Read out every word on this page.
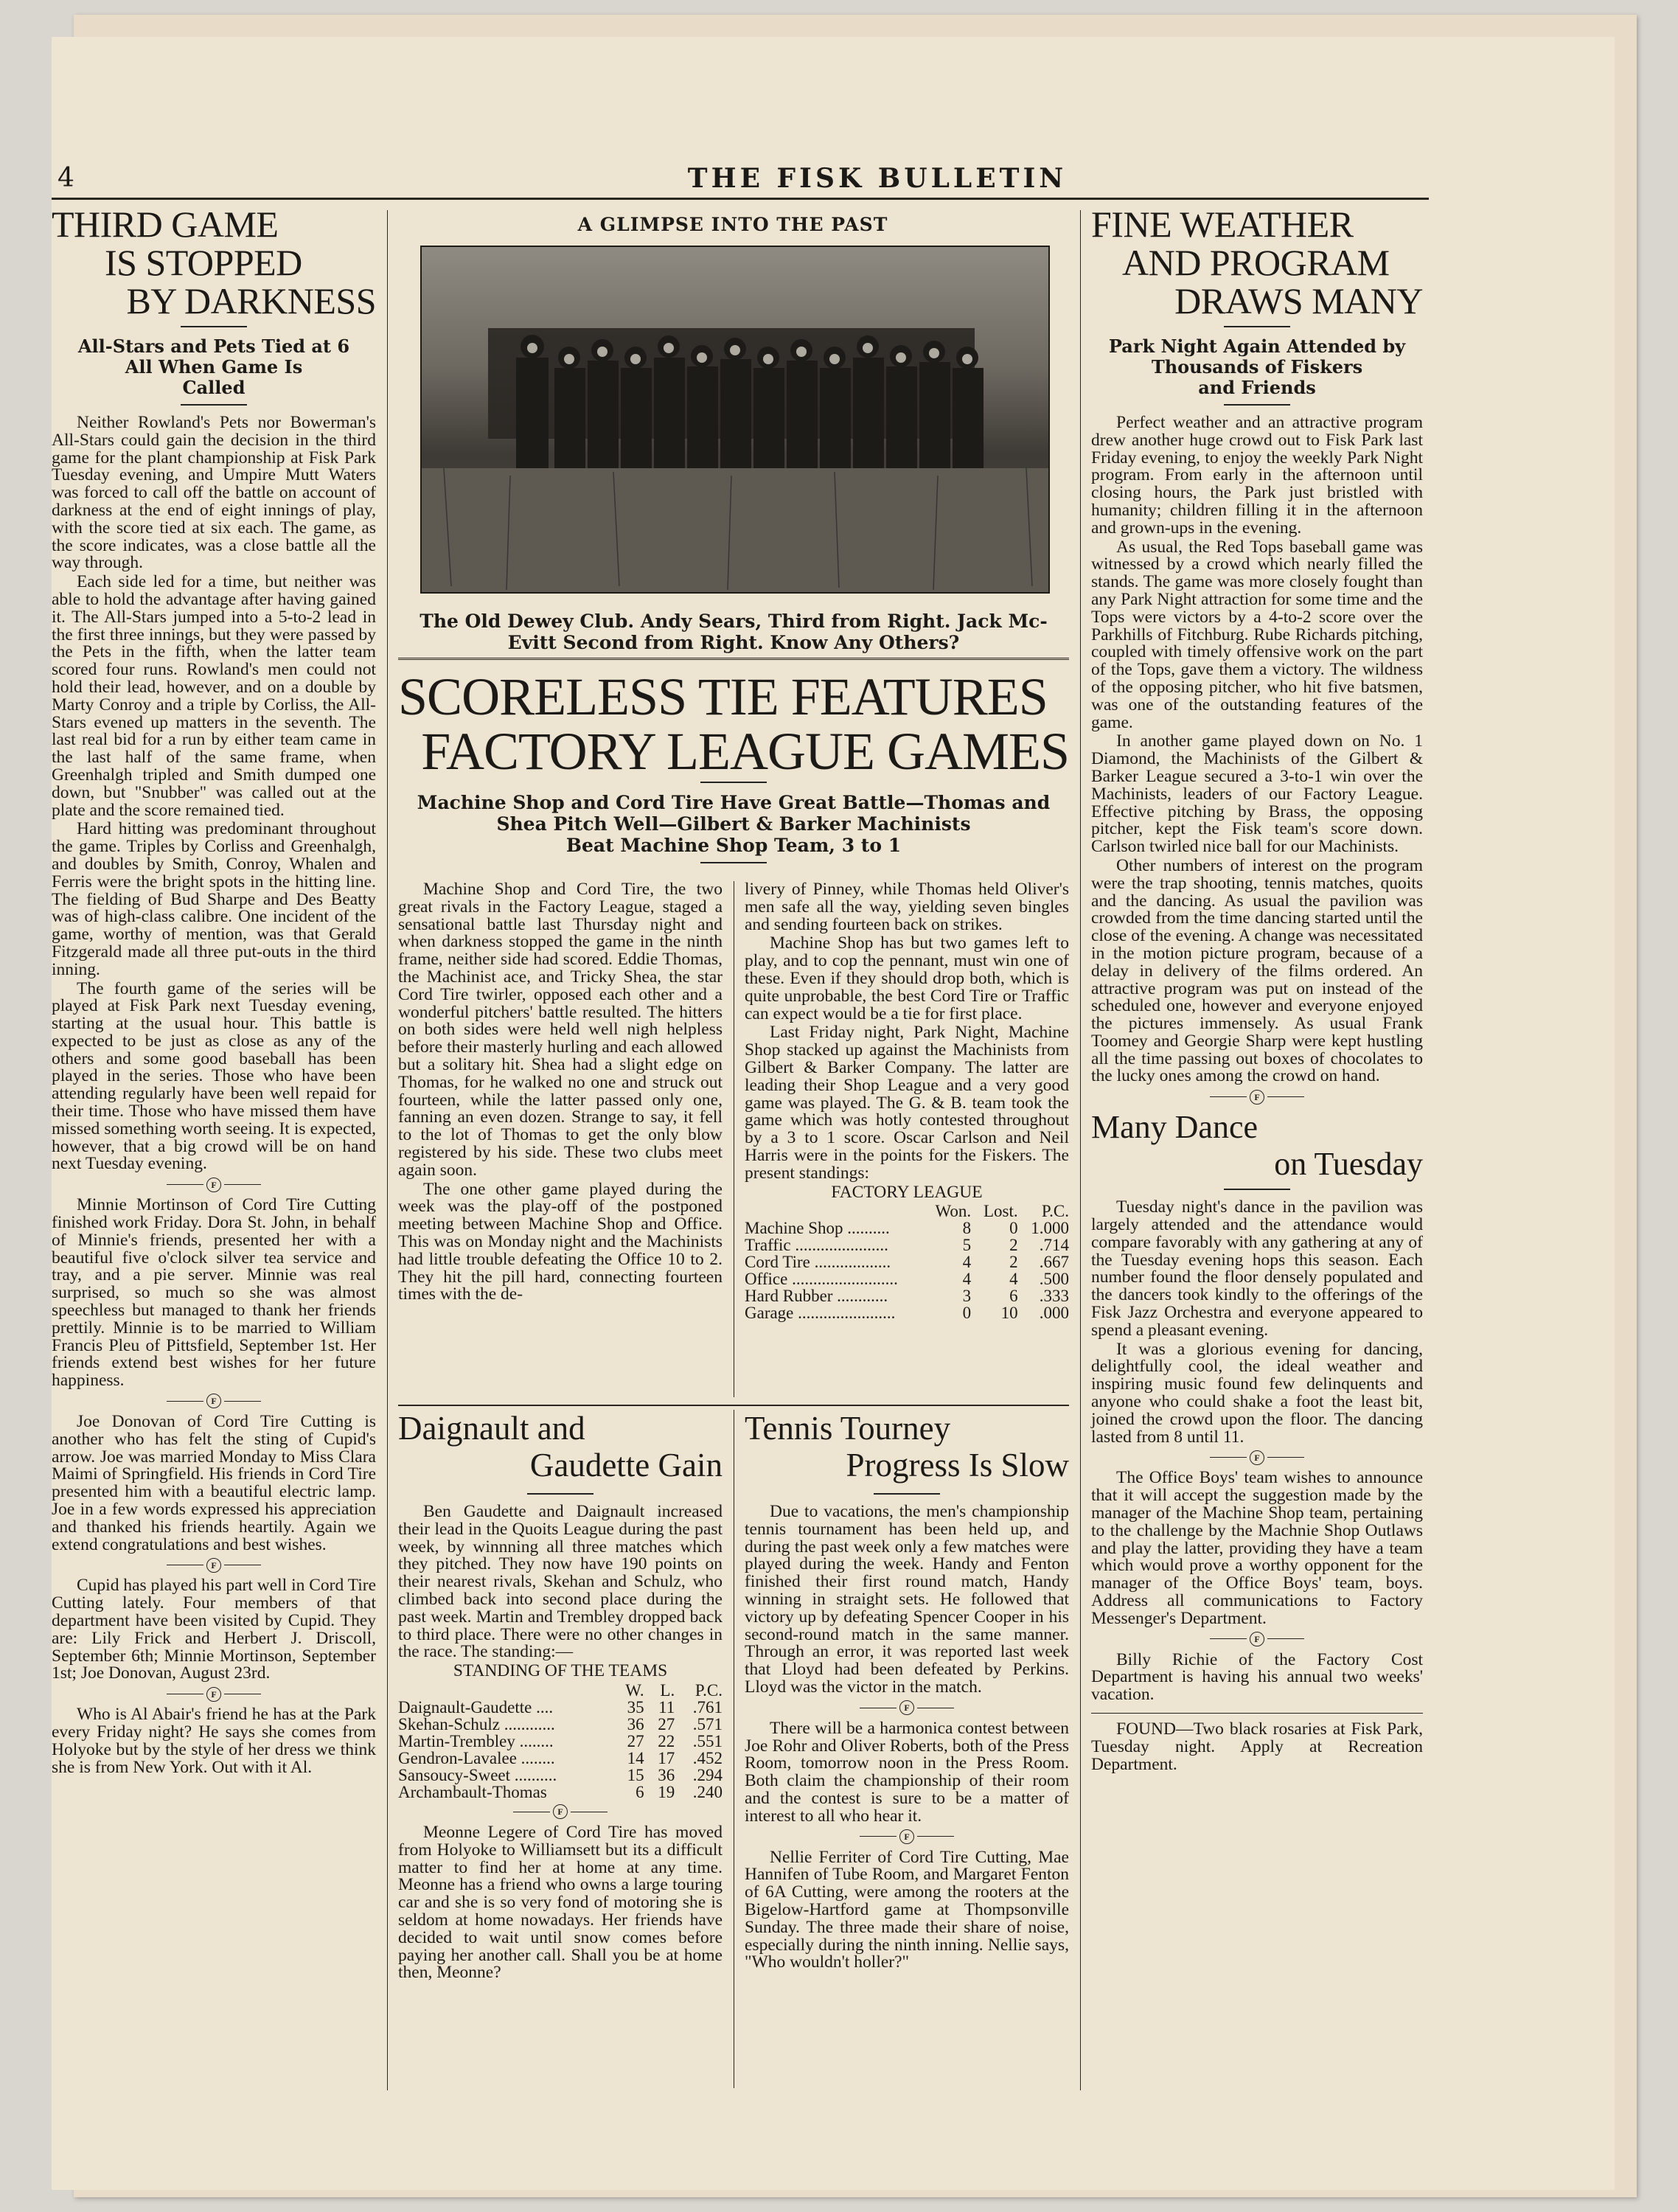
4	THE FISK BULLETIN
THIRD GAME
IS STOPPED
BY DARKNESS
All-Stars and Pets Tied at 6
All When Game Is
Called

Neither Rowland's Pets nor Bowerman's All-Stars could gain the decision in the third game for the plant championship at Fisk Park Tuesday evening, and Umpire Mutt Waters was forced to call off the battle on account of darkness at the end of eight innings of play, with the score tied at six each. The game, as the score indicates, was a close battle all the way through.

Each side led for a time, but neither was able to hold the advantage after having gained it. The All-Stars jumped into a 5-to-2 lead in the first three innings, but they were passed by the Pets in the fifth, when the latter team scored four runs. Rowland's men could not hold their lead, however, and on a double by Marty Conroy and a triple by Corliss, the All-Stars evened up matters in the seventh. The last real bid for a run by either team came in the last half of the same frame, when Greenhalgh tripled and Smith dumped one down, but "Snubber" was called out at the plate and the score remained tied.

Hard hitting was predominant throughout the game. Triples by Corliss and Greenhalgh, and doubles by Smith, Conroy, Whalen and Ferris were the bright spots in the hitting line. The fielding of Bud Sharpe and Des Beatty was of high-class calibre. One incident of the game, worthy of mention, was that Gerald Fitzgerald made all three put-outs in the third inning.

The fourth game of the series will be played at Fisk Park next Tuesday evening, starting at the usual hour. This battle is expected to be just as close as any of the others and some good baseball has been played in the series. Those who have been attending regularly have been well repaid for their time. Those who have missed them have missed something worth seeing. It is expected, however, that a big crowd will be on hand next Tuesday evening.

F

Minnie Mortinson of Cord Tire Cutting finished work Friday. Dora St. John, in behalf of Minnie's friends, presented her with a beautiful five o'clock silver tea service and tray, and a pie server. Minnie was real surprised, so much so she was almost speechless but managed to thank her friends prettily. Minnie is to be married to William Francis Pleu of Pittsfield, September 1st. Her friends extend best wishes for her future happiness.

F

Joe Donovan of Cord Tire Cutting is another who has felt the sting of Cupid's arrow. Joe was married Monday to Miss Clara Maimi of Springfield. His friends in Cord Tire presented him with a beautiful electric lamp. Joe in a few words expressed his appreciation and thanked his friends heartily. Again we extend congratulations and best wishes.

F

Cupid has played his part well in Cord Tire Cutting lately. Four members of that department have been visited by Cupid. They are: Lily Frick and Herbert J. Driscoll, September 6th; Minnie Mortinson, September 1st; Joe Donovan, August 23rd.

F

Who is Al Abair's friend he has at the Park every Friday night? He says she comes from Holyoke but by the style of her dress we think she is from New York. Out with it Al.

A GLIMPSE INTO THE PAST
The Old Dewey Club. Andy Sears, Third from Right. Jack Mc-
Evitt Second from Right. Know Any Others?
SCORELESS TIE FEATURES
FACTORY LEAGUE GAMES
Machine Shop and Cord Tire Have Great Battle—Thomas and
Shea Pitch Well—Gilbert & Barker Machinists
Beat Machine Shop Team, 3 to 1

Machine Shop and Cord Tire, the two great rivals in the Factory League, staged a sensational battle last Thursday night and when darkness stopped the game in the ninth frame, neither side had scored. Eddie Thomas, the Machinist ace, and Tricky Shea, the star Cord Tire twirler, opposed each other and a wonderful pitchers' battle resulted. The hitters on both sides were held well nigh helpless before their masterly hurling and each allowed but a solitary hit. Shea had a slight edge on Thomas, for he walked no one and struck out fourteen, while the latter passed only one, fanning an even dozen. Strange to say, it fell to the lot of Thomas to get the only blow registered by his side. These two clubs meet again soon.

The one other game played during the week was the play-off of the postponed meeting between Machine Shop and Office. This was on Monday night and the Machinists had little trouble defeating the Office 10 to 2. They hit the pill hard, connecting fourteen times with the de-

livery of Pinney, while Thomas held Oliver's men safe all the way, yielding seven bingles and sending fourteen back on strikes.

Machine Shop has but two games left to play, and to cop the pennant, must win one of these. Even if they should drop both, which is quite unprobable, the best Cord Tire or Traffic can expect would be a tie for first place.

Last Friday night, Park Night, Machine Shop stacked up against the Machinists from Gilbert & Barker Company. The latter are leading their Shop League and a very good game was played. The G. & B. team took the game which was hotly contested throughout by a 3 to 1 score. Oscar Carlson and Neil Harris were in the points for the Fiskers. The present standings:

FACTORY LEAGUE
	Won.	Lost.	P.C.
Machine Shop ..........	8	0	1.000
Traffic ......................	5	2	.714
Cord Tire ..................	4	2	.667
Office .........................	4	4	.500
Hard Rubber ............	3	6	.333
Garage .......................	0	10	.000
Daignault and
Gaudette Gain

Ben Gaudette and Daignault increased their lead in the Quoits League during the past week, by winnning all three matches which they pitched. They now have 190 points on their nearest rivals, Skehan and Schulz, who climbed back into second place during the past week. Martin and Trembley dropped back to third place. There were no other changes in the race. The standing:—

STANDING OF THE TEAMS
	W.	L.	P.C.
Daignault-Gaudette ....	35	11	.761
Skehan-Schulz ............	36	27	.571
Martin-Trembley ........	27	22	.551
Gendron-Lavalee ........	14	17	.452
Sansoucy-Sweet ..........	15	36	.294
Archambault-Thomas	6	19	.240
F

Meonne Legere of Cord Tire has moved from Holyoke to Williamsett but its a difficult matter to find her at home at any time. Meonne has a friend who owns a large touring car and she is so very fond of motoring she is seldom at home nowadays. Her friends have decided to wait until snow comes before paying her another call. Shall you be at home then, Meonne?

Tennis Tourney
Progress Is Slow

Due to vacations, the men's championship tennis tournament has been held up, and during the past week only a few matches were played during the week. Handy and Fenton finished their first round match, Handy winning in straight sets. He followed that victory up by defeating Spencer Cooper in his second-round match in the same manner. Through an error, it was reported last week that Lloyd had been defeated by Perkins. Lloyd was the victor in the match.

F

There will be a harmonica contest between Joe Rohr and Oliver Roberts, both of the Press Room, tomorrow noon in the Press Room. Both claim the championship of their room and the contest is sure to be a matter of interest to all who hear it.

F

Nellie Ferriter of Cord Tire Cutting, Mae Hannifen of Tube Room, and Margaret Fenton of 6A Cutting, were among the rooters at the Bigelow-Hartford game at Thompsonville Sunday. The three made their share of noise, especially during the ninth inning. Nellie says, "Who wouldn't holler?"

FINE WEATHER
AND PROGRAM
DRAWS MANY
Park Night Again Attended by
Thousands of Fiskers
and Friends

Perfect weather and an attractive program drew another huge crowd out to Fisk Park last Friday evening, to enjoy the weekly Park Night program. From early in the afternoon until closing hours, the Park just bristled with humanity; children filling it in the afternoon and grown-ups in the evening.

As usual, the Red Tops baseball game was witnessed by a crowd which nearly filled the stands. The game was more closely fought than any Park Night attraction for some time and the Tops were victors by a 4-to-2 score over the Parkhills of Fitchburg. Rube Richards pitching, coupled with timely offensive work on the part of the Tops, gave them a victory. The wildness of the opposing pitcher, who hit five batsmen, was one of the outstanding features of the game.

In another game played down on No. 1 Diamond, the Machinists of the Gilbert & Barker League secured a 3-to-1 win over the Machinists, leaders of our Factory League. Effective pitching by Brass, the opposing pitcher, kept the Fisk team's score down. Carlson twirled nice ball for our Machinists.

Other numbers of interest on the program were the trap shooting, tennis matches, quoits and the dancing. As usual the pavilion was crowded from the time dancing started until the close of the evening. A change was necessitated in the motion picture program, because of a delay in delivery of the films ordered. An attractive program was put on instead of the scheduled one, however and everyone enjoyed the pictures immensely. As usual Frank Toomey and Georgie Sharp were kept hustling all the time passing out boxes of chocolates to the lucky ones among the crowd on hand.

F
Many Dance
on Tuesday

Tuesday night's dance in the pavilion was largely attended and the attendance would compare favorably with any gathering at any of the Tuesday evening hops this season. Each number found the floor densely populated and the dancers took kindly to the offerings of the Fisk Jazz Orchestra and everyone appeared to spend a pleasant evening.

It was a glorious evening for dancing, delightfully cool, the ideal weather and inspiring music found few delinquents and anyone who could shake a foot the least bit, joined the crowd upon the floor. The dancing lasted from 8 until 11.

F

The Office Boys' team wishes to announce that it will accept the suggestion made by the manager of the Machine Shop team, pertaining to the challenge by the Machnie Shop Outlaws and play the latter, providing they have a team which would prove a worthy opponent for the manager of the Office Boys' team, boys. Address all communications to Factory Messenger's Department.

F

Billy Richie of the Factory Cost Department is having his annual two weeks' vacation.

FOUND—Two black rosaries at Fisk Park, Tuesday night. Apply at Recreation Department.
